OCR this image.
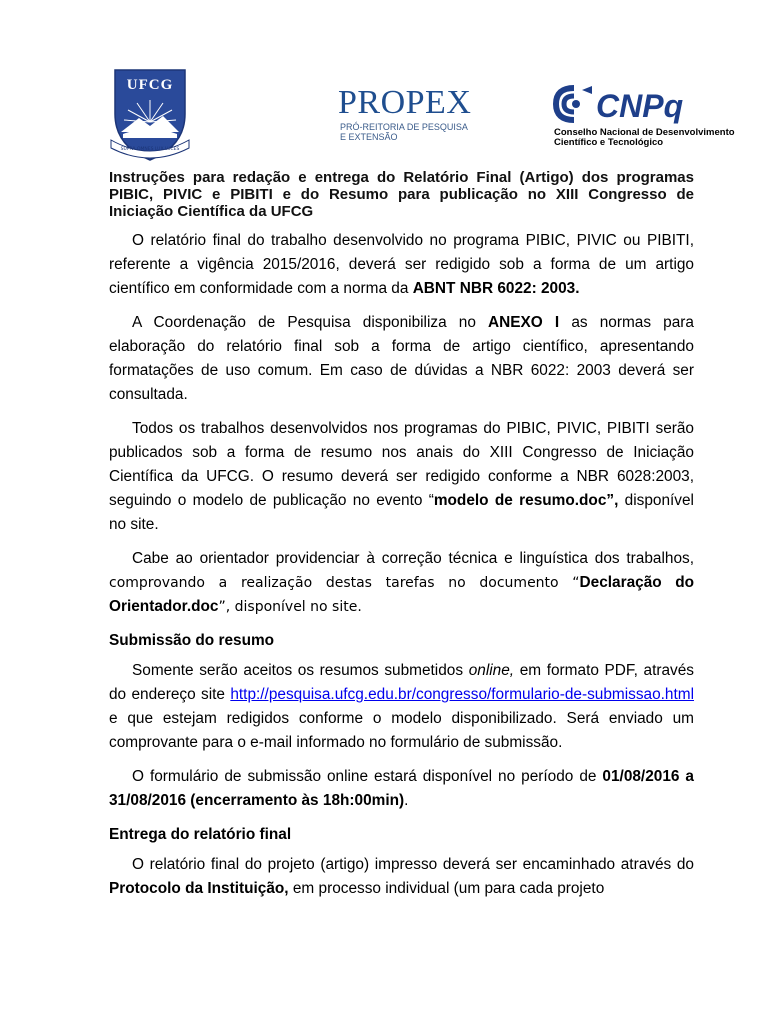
UFCG
SUPRA OMNES LUX LUCES
PROPEX
PRÓ-REITORIA DE PESQUISA
E EXTENSÃO
CNPq
Conselho Nacional de Desenvolvimento
Científico e Tecnológico
Instruções para redação e entrega do Relatório Final (Artigo) dos programas PIBIC, PIVIC e PIBITI e do Resumo para publicação no XIII Congresso de Iniciação Científica da UFCG

O relatório final do trabalho desenvolvido no programa PIBIC, PIVIC ou PIBITI, referente a vigência 2015/2016, deverá ser redigido sob a forma de um artigo científico em conformidade com a norma da ABNT NBR 6022: 2003.

A Coordenação de Pesquisa disponibiliza no ANEXO I as normas para elaboração do relatório final sob a forma de artigo científico, apresentando formatações de uso comum. Em caso de dúvidas a NBR 6022: 2003 deverá ser consultada.

Todos os trabalhos desenvolvidos nos programas do PIBIC, PIVIC, PIBITI serão publicados sob a forma de resumo nos anais do XIII Congresso de Iniciação Científica da UFCG. O resumo deverá ser redigido conforme a NBR 6028:2003, seguindo o modelo de publicação no evento “modelo de resumo.doc”, disponível no site.

Cabe ao orientador providenciar à correção técnica e linguística dos trabalhos, comprovando a realização destas tarefas no documento “Declaração do Orientador.doc”, disponível no site.

Submissão do resumo

Somente serão aceitos os resumos submetidos online, em formato PDF, através do endereço site http://pesquisa.ufcg.edu.br/congresso/formulario-de-submissao.html e que estejam redigidos conforme o modelo disponibilizado. Será enviado um comprovante para o e-mail informado no formulário de submissão.

O formulário de submissão online estará disponível no período de 01/08/2016 a 31/08/2016 (encerramento às 18h:00min).

Entrega do relatório final

O relatório final do projeto (artigo) impresso deverá ser encaminhado através do Protocolo da Instituição, em processo individual (um para cada projeto
